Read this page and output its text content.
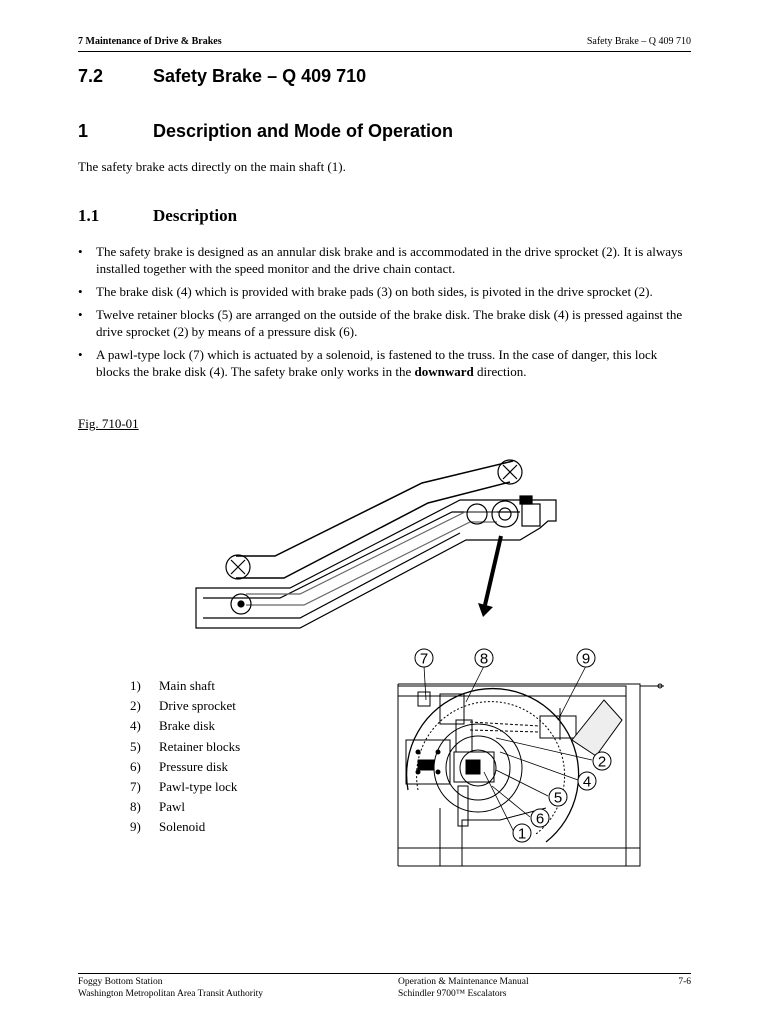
7 Maintenance of Drive & Brakes	Safety Brake – Q 409 710
7.2	Safety Brake – Q 409 710
1	Description and Mode of Operation

The safety brake acts directly on the main shaft (1).

1.1	Description
• The safety brake is designed as an annular disk brake and is accommodated in the drive sprocket (2). It is always installed together with the speed monitor and the drive chain contact.
• The brake disk (4) which is provided with brake pads (3) on both sides, is pivoted in the drive sprocket (2).
• Twelve retainer blocks (5) are arranged on the outside of the brake disk. The brake disk (4) is pressed against the drive sprocket (2) by means of a pressure disk (6).
• A pawl-type lock (7) which is actuated by a solenoid, is fastened to the truss. In the case of danger, this lock blocks the brake disk (4). The safety brake only works in the downward direction.
Fig. 710-01
1)	Main shaft
2)	Drive sprocket
4)	Brake disk
5)	Retainer blocks
6)	Pressure disk
7)	Pawl-type lock
8)	Pawl
9)	Solenoid
7	8	9
2
4
5
6
1
Foggy Bottom Station
Washington Metropolitan Area Transit Authority
Operation & Maintenance Manual
Schindler 9700™ Escalators
7-6
